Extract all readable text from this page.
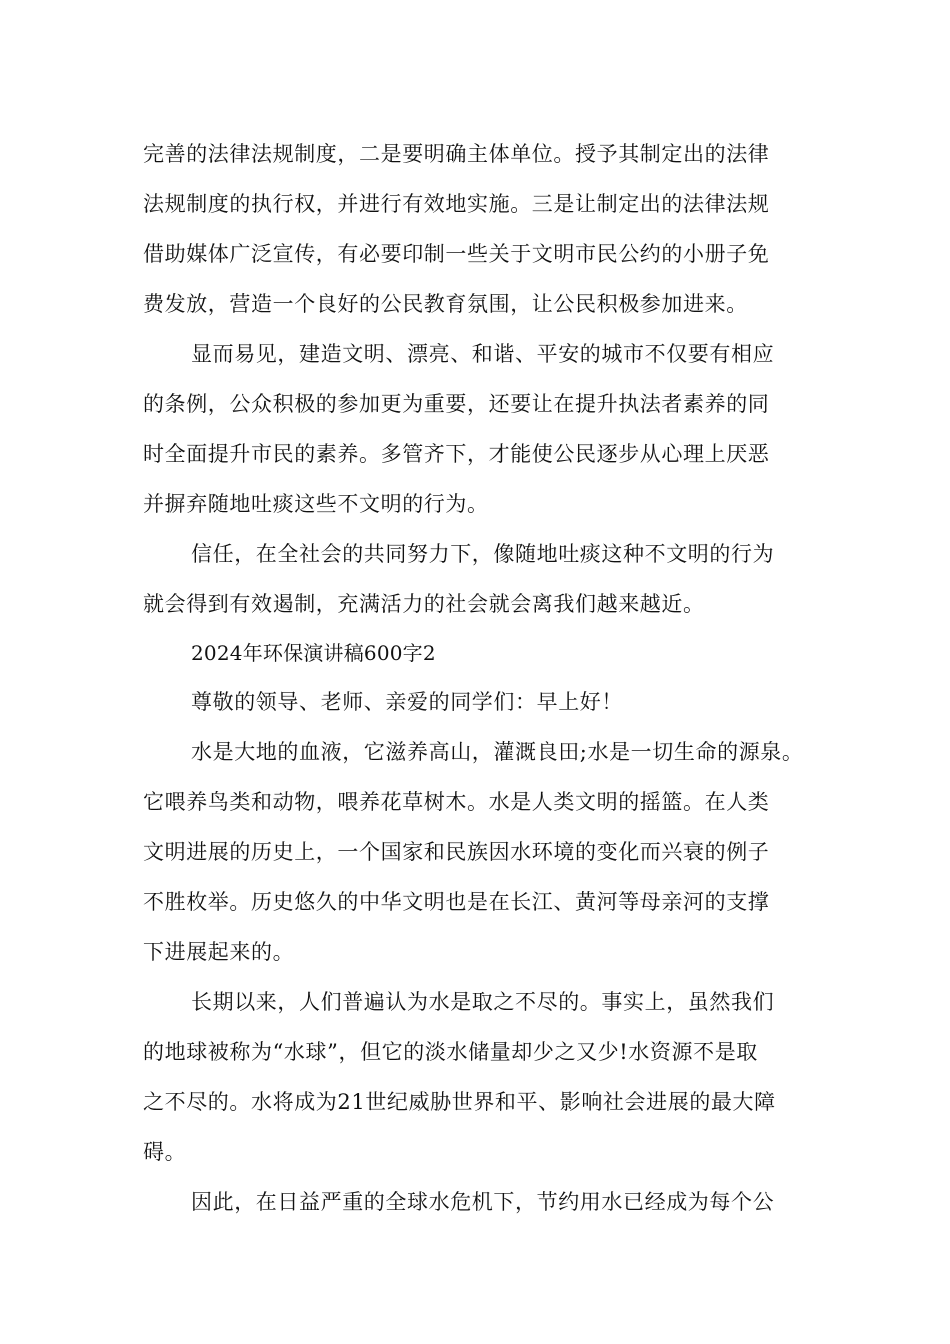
完善的法律法规制度，二是要明确主体单位。授予其制定出的法律
法规制度的执行权，并进行有效地实施。三是让制定出的法律法规
借助媒体广泛宣传，有必要印制一些关于文明市民公约的小册子免
费发放，营造一个良好的公民教育氛围，让公民积极参加进来。
显而易见，建造文明、漂亮、和谐、平安的城市不仅要有相应
的条例，公众积极的参加更为重要，还要让在提升执法者素养的同
时全面提升市民的素养。多管齐下，才能使公民逐步从心理上厌恶
并摒弃随地吐痰这些不文明的行为。
信任，在全社会的共同努力下，像随地吐痰这种不文明的行为
就会得到有效遏制，充满活力的社会就会离我们越来越近。
2024年环保演讲稿600字2
尊敬的领导、老师、亲爱的同学们：早上好！
水是大地的血液，它滋养高山，灌溉良田;水是一切生命的源泉。
它喂养鸟类和动物，喂养花草树木。水是人类文明的摇篮。在人类
文明进展的历史上，一个国家和民族因水环境的变化而兴衰的例子
不胜枚举。历史悠久的中华文明也是在长江、黄河等母亲河的支撑
下进展起来的。
长期以来，人们普遍认为水是取之不尽的。事实上，虽然我们
的地球被称为“水球”，但它的淡水储量却少之又少!水资源不是取
之不尽的。水将成为21世纪威胁世界和平、影响社会进展的最大障
碍。
因此，在日益严重的全球水危机下，节约用水已经成为每个公
